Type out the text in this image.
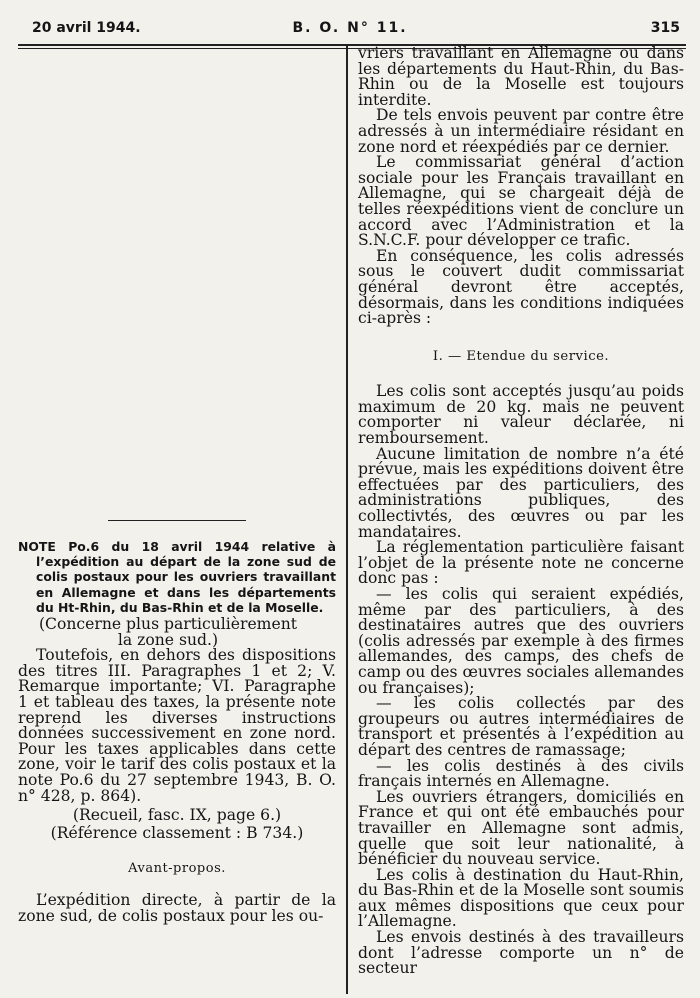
20 avril 1944.	B. O. N° 11.	315

NOTE Po.6 du 18 avril 1944 relative à l’expédition au départ de la zone sud de colis postaux pour les ouvriers travaillant en Allemagne et dans les départements du Ht-Rhin, du Bas-Rhin et de la Moselle.

(Concerne plus particulièrement la zone sud.)

Toutefois, en dehors des dispositions des titres III. Paragraphes 1 et 2; V. Remarque importante; VI. Paragraphe 1 et tableau des taxes, la présente note reprend les diverses instructions données successivement en zone nord. Pour les taxes applicables dans cette zone, voir le tarif des colis postaux et la note Po.6 du 27 septembre 1943, B. O. n° 428, p. 864).

(Recueil, fasc. IX, page 6.)

(Référence classement : B 734.)

Avant-propos.

L’expédition directe, à partir de la zone sud, de colis postaux pour les ou-

vriers travaillant en Allemagne ou dans les départements du Haut-Rhin, du Bas-Rhin ou de la Moselle est toujours interdite.

De tels envois peuvent par contre être adressés à un intermédiaire résidant en zone nord et réexpédiés par ce dernier.

Le commissariat général d’action sociale pour les Français travaillant en Allemagne, qui se chargeait déjà de telles réexpéditions vient de conclure un accord avec l’Administration et la S.N.C.F. pour développer ce trafic.

En conséquence, les colis adressés sous le couvert dudit commissariat général devront être acceptés, désormais, dans les conditions indiquées ci-après :

I. — Etendue du service.

Les colis sont acceptés jusqu’au poids maximum de 20 kg. mais ne peuvent comporter ni valeur déclarée, ni remboursement.

Aucune limitation de nombre n’a été prévue, mais les expéditions doivent être effectuées par des particuliers, des administrations publiques, des collectivtés, des œuvres ou par les mandataires.

La réglementation particulière faisant l’objet de la présente note ne concerne donc pas :

— les colis qui seraient expédiés, même par des particuliers, à des destinataires autres que des ouvriers (colis adressés par exemple à des firmes allemandes, des camps, des chefs de camp ou des œuvres sociales allemandes ou françaises);

— les colis collectés par des groupeurs ou autres intermédiaires de transport et présentés à l’expédition au départ des centres de ramassage;

— les colis destinés à des civils français internés en Allemagne.

Les ouvriers étrangers, domiciliés en France et qui ont été embauchés pour travailler en Allemagne sont admis, quelle que soit leur nationalité, à bénéficier du nouveau service.

Les colis à destination du Haut-Rhin, du Bas-Rhin et de la Moselle sont soumis aux mêmes dispositions que ceux pour l’Allemagne.

Les envois destinés à des travailleurs dont l’adresse comporte un n° de secteur
